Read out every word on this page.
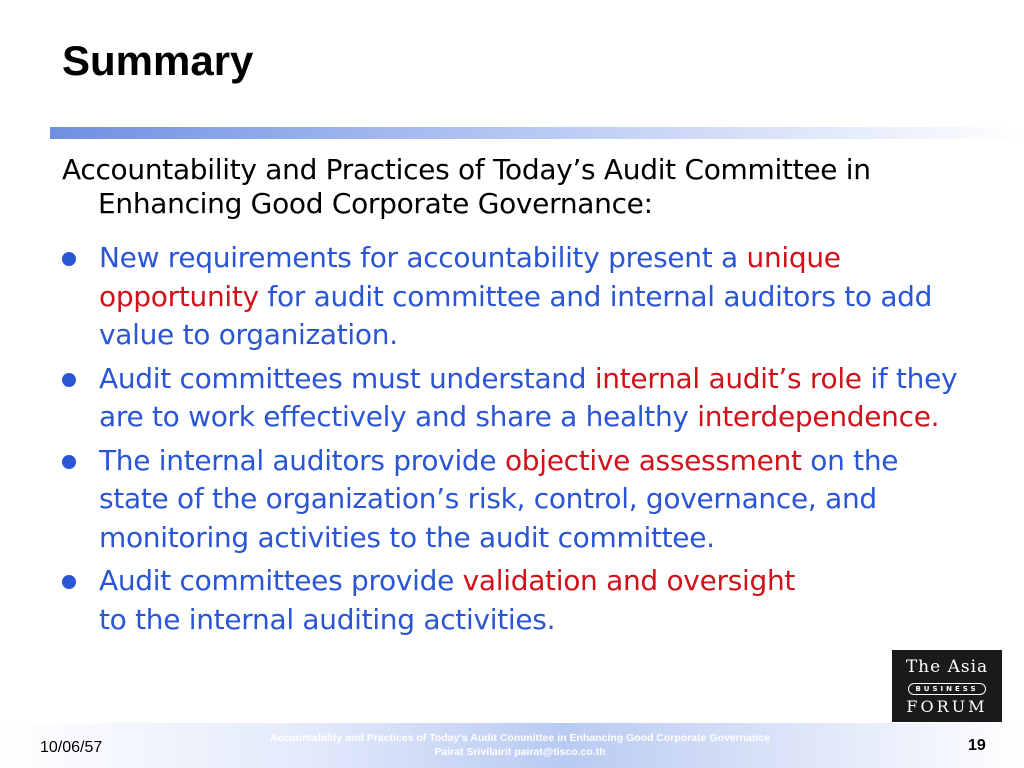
Summary

Accountability and Practices of Today’s Audit Committee in
Enhancing Good Corporate Governance:

New requirements for accountability present a unique opportunity for audit committee and internal auditors to add value to organization.
Audit committees must understand internal audit’s role if they are to work effectively and share a healthy interdependence.
The internal auditors provide objective assessment on the state of the organization’s risk, control, governance, and monitoring activities to the audit committee.
Audit committees provide validation and oversight
to the internal auditing activities.
The Asia
BUSINESS
FORUM
10/06/57
Accountability and Practices of Today’s Audit Committee in Enhancing Good Corporate Governance
Pairat Srivilairit pairat@tisco.co.th	19
